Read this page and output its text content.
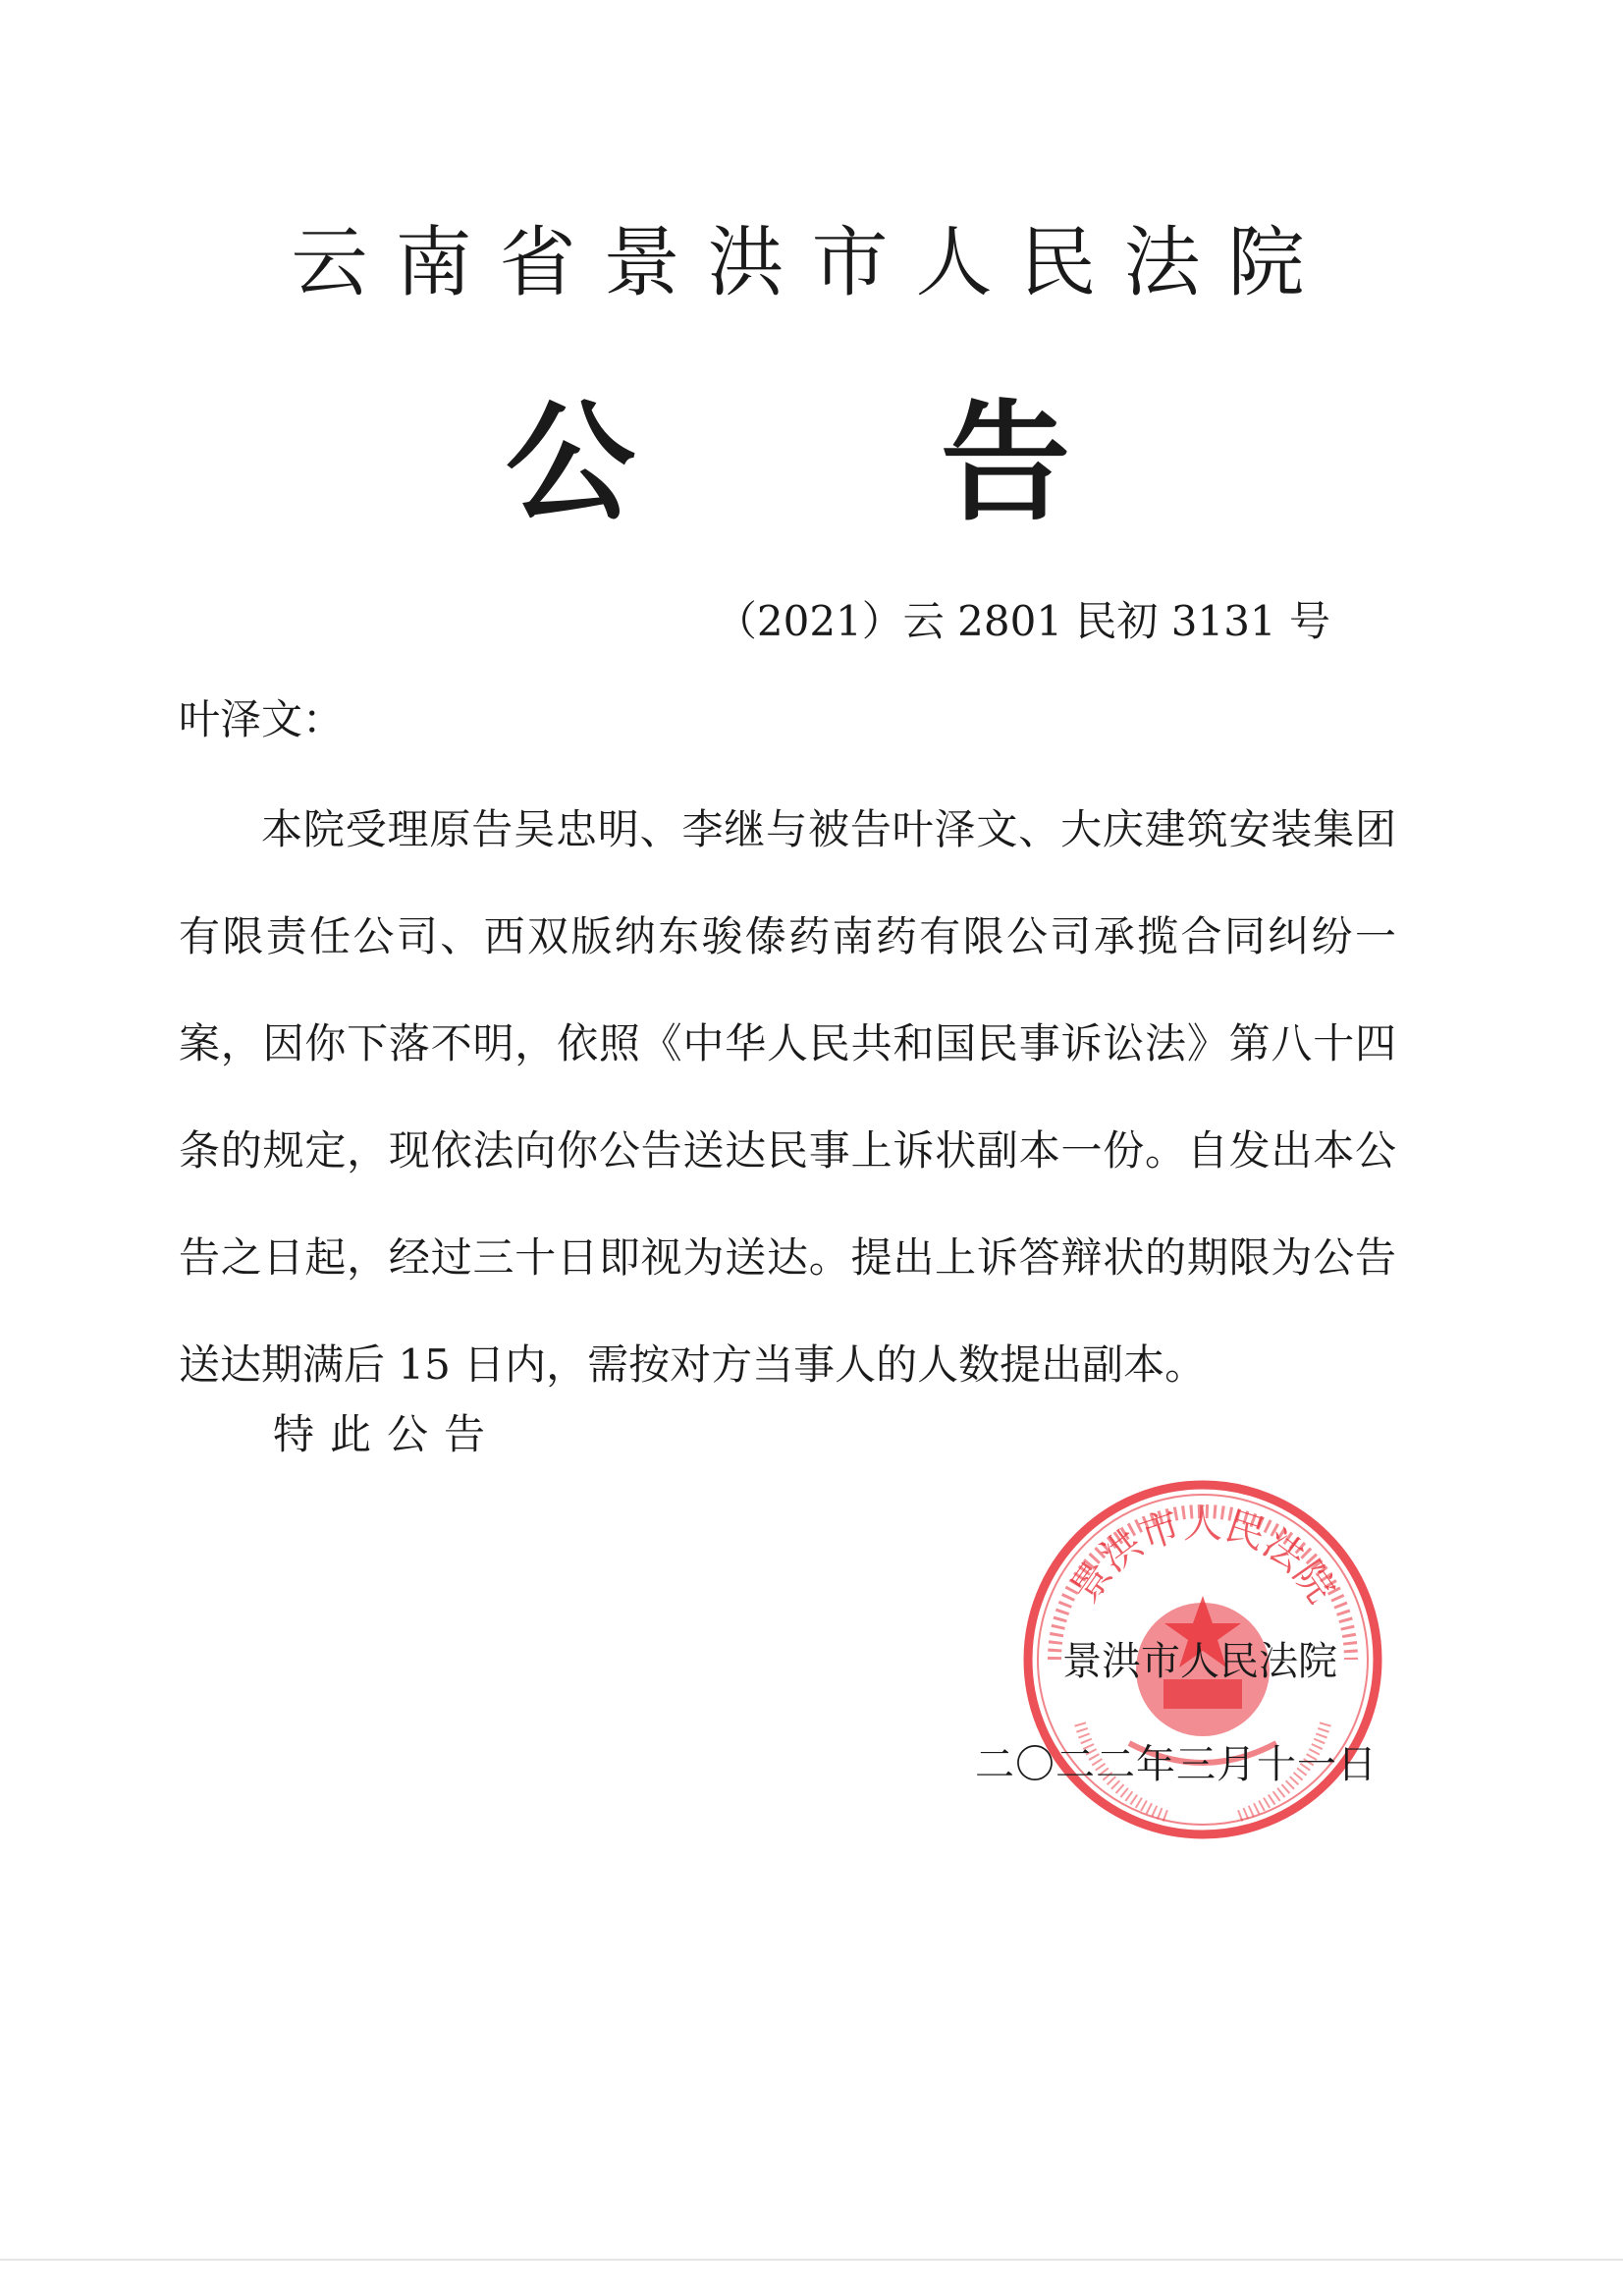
云南省景洪市人民法院
公 告
（2021）云 2801 民初 3131 号
叶泽文：

本院受理原告吴忠明、李继与被告叶泽文、大庆建筑安装集团有限责任公司、西双版纳东骏傣药南药有限公司承揽合同纠纷一案，因你下落不明，依照《中华人民共和国民事诉讼法》第八十四条的规定，现依法向你公告送达民事上诉状副本一份。自发出本公告之日起，经过三十日即视为送达。提出上诉答辩状的期限为公告送达期满后 15 日内，需按对方当事人的人数提出副本。

特此公告
景洪市人民法院
景洪市人民法院
二〇二二年三月十一日
